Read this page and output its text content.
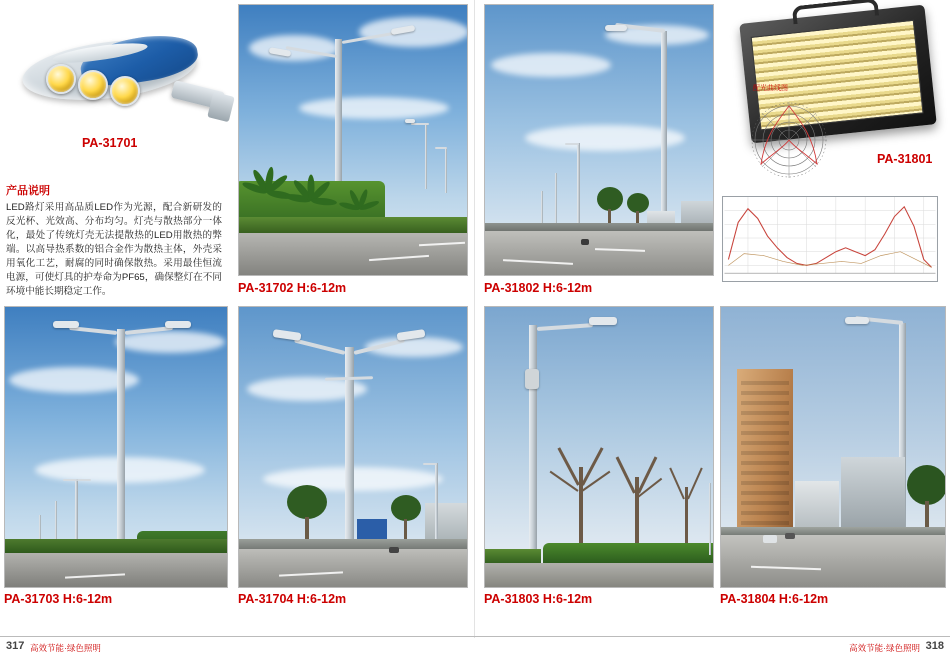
PA-31701
产品说明
LED路灯采用高品质LED作为光源，配合新研发的反光杯、光效高、分布均匀。灯壳与散热部分一体化，最处了传统灯壳无法提散热的LED用散热的弊端。以高导热系数的铝合金作为散热主体，外壳采用氧化工艺，耐腐的同时确保散热。采用最佳恒流电源，可使灯具的护寿命为PF65，确保整灯在不同环境中能长期稳定工作。	PA-31702 H:6-12m	PA-31802 H:6-12m
PA-31801
配光曲线图
PA-31703 H:6-12m	PA-31704 H:6-12m	PA-31803 H:6-12m	PA-31804 H:6-12m
317 高效节能·绿色照明	高效节能·绿色照明 318
